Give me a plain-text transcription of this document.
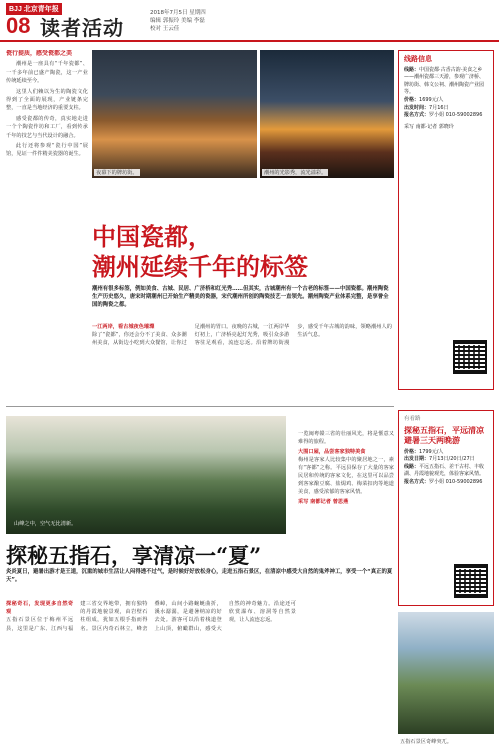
BJJ 北京青年报
08 读者活动
2018年7月5日 星期四
编辑 郭振玲 美编 李磊
校对 王云佳
瓷行提质，感受瓷都之美

潮州是一座具有“千年瓷都”、一千多年前已盛产陶瓷，这一产业传统延续至今。

这里人们赖以为生的陶瓷文化得到了全面的展现，产业链条完整，一直是当地经济的重要支柱。

感受瓷都的传奇，真实地走进一个个陶瓷作坊和工厂，看到传承千年的技艺与当代设计的融合。

此行还将参观“瓷行中国”展馆，见证一件件精美瓷器的诞生。

夜幕下的牌坊街。	潮州的光影秀，流光溢彩。
中国瓷都，
潮州延续千年的标签
潮州有很多标签，例如美食、古城、民居、广济桥和红光秀……但其实，古城潮州有一个古老的标签——中国瓷都。潮州陶瓷生产历史悠久，唐宋时期潮州已开始生产精美的瓷器，宋代潮州所创的陶瓷技艺一直领先。潮州陶瓷产业体系完整，是享誉全国的陶瓷之都。
一江两岸，看古城夜色璀璨
除了“瓷都”，你还会分不了美食、众多潮州美食，从街边小吃到大众餐馆，让你过足潮州的胃口。夜晚的古城，一江两岸华灯初上，广济桥亮起灯光秀，吸引众多游客驻足观看，流连忘返。沿着牌坊街漫步，感受千年古城的韵味，领略潮州人的生活气息。
线路信息
线路：中国瓷都·古香古韵·美食之乡——潮州瓷都三天游，参观广济桥、牌坊街、韩文公祠、潮州陶瓷产业园等。
价格：1699元/人
出发时间：7月16日
报名方式：罗小姐 010-59002896
采写 南都·记者 郭晓玲
山峰之中，空气无比清新。
探秘五指石，享清凉一“夏”
炎炎夏日，避暑出游才是王道，沉重的城市生活让人闷得透不过气，是时候好好放松身心，走进五指石景区，在清凉中感受大自然的鬼斧神工，享受一个“真正的夏天”。
探秘奇石，发现更多自然奇观
五指石景区位于梅州平远县，这里是广东、江西与福建三省交界地带，拥有独特的丹霞地貌景观，由岩壁石柱组成，犹如五根手指而得名。景区内奇石林立，峰峦叠嶂，山间小路蜿蜒曲折，溪水潺潺，是避暑纳凉的好去处。游客可以沿着栈道登上山顶，俯瞰群山，感受大自然的神奇魅力。沿途还可欣赏瀑布、溶洞等自然景观，让人流连忘返。
一览闽粤赣三省的壮丽风光，将是惬意又难得的旅程。
大围口屋，品尝客家独特美食
梅州是客家人比较集中的聚居地之一，素有“客都”之称。平远县保存了大量的客家民居和传统的客家文化，在这里可以品尝到客家酿豆腐、盐焗鸡、梅菜扣肉等地道美食，感受浓郁的客家风情。
采写 南都记者 曾思燕
有看路
探秘五指石，平远清凉避暑三天两晚游
价格：1799元/人
出发日期：7月13日/20日/27日
线路：平远五指石、差干古村、丰收湖、丹霞地貌观光，体验客家风情。
报名方式：罗小姐 010-59002896
五指石景区奇峰突兀。
